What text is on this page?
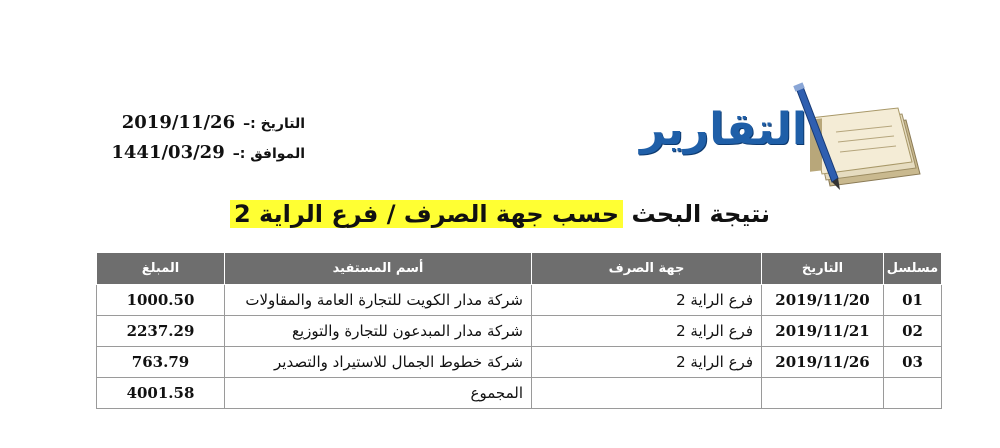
التاريخ :–
2019/11/26
الموافق :–
1441/03/29	التقارير
نتيجة البحث حسب جهة الصرف / فرع الراية 2
مسلسل	التاريخ	جهة الصرف	أسم المستفيد	المبلغ
01	2019/11/20	فرع الراية 2	شركة مدار الكويت للتجارة العامة والمقاولات	1000.50
02	2019/11/21	فرع الراية 2	شركة مدار المبدعون للتجارة والتوزيع	2237.29
03	2019/11/26	فرع الراية 2	شركة خطوط الجمال للاستيراد والتصدير	763.79
			المجموع	4001.58
